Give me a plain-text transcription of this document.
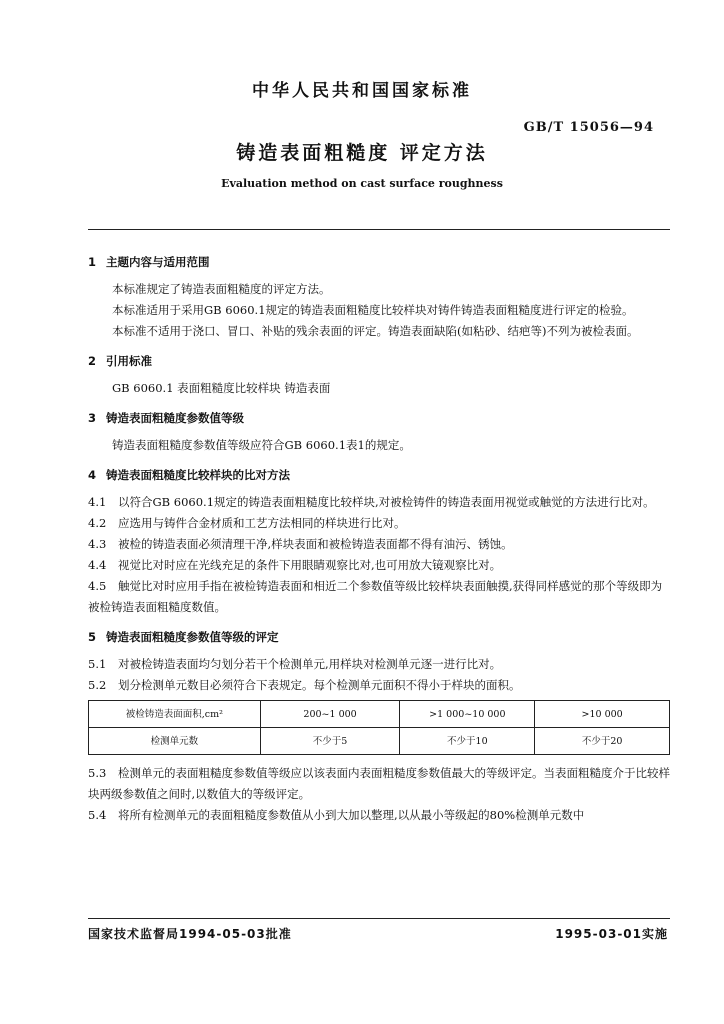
中华人民共和国国家标准
GB/T 15056—94
铸造表面粗糙度 评定方法
Evaluation method on cast surface roughness

1 主题内容与适用范围

本标准规定了铸造表面粗糙度的评定方法。

本标准适用于采用GB 6060.1规定的铸造表面粗糙度比较样块对铸件铸造表面粗糙度进行评定的检验。

本标准不适用于浇口、冒口、补贴的残余表面的评定。铸造表面缺陷(如粘砂、结疤等)不列为被检表面。

2 引用标准

GB 6060.1 表面粗糙度比较样块 铸造表面

3 铸造表面粗糙度参数值等级

铸造表面粗糙度参数值等级应符合GB 6060.1表1的规定。

4 铸造表面粗糙度比较样块的比对方法

4.1 以符合GB 6060.1规定的铸造表面粗糙度比较样块,对被检铸件的铸造表面用视觉或触觉的方法进行比对。

4.2 应选用与铸件合金材质和工艺方法相同的样块进行比对。

4.3 被检的铸造表面必须清理干净,样块表面和被检铸造表面都不得有油污、锈蚀。

4.4 视觉比对时应在光线充足的条件下用眼睛观察比对,也可用放大镜观察比对。

4.5 触觉比对时应用手指在被检铸造表面和相近二个参数值等级比较样块表面触摸,获得同样感觉的那个等级即为被检铸造表面粗糙度数值。

5 铸造表面粗糙度参数值等级的评定

5.1 对被检铸造表面均匀划分若干个检测单元,用样块对检测单元逐一进行比对。

5.2 划分检测单元数目必须符合下表规定。每个检测单元面积不得小于样块的面积。

被检铸造表面面积,cm²	200~1 000	>1 000~10 000	>10 000
检测单元数	不少于5	不少于10	不少于20

5.3 检测单元的表面粗糙度参数值等级应以该表面内表面粗糙度参数值最大的等级评定。当表面粗糙度介于比较样块两级参数值之间时,以数值大的等级评定。

5.4 将所有检测单元的表面粗糙度参数值从小到大加以整理,以从最小等级起的80%检测单元数中

国家技术监督局1994-05-03批准	1995-03-01实施
